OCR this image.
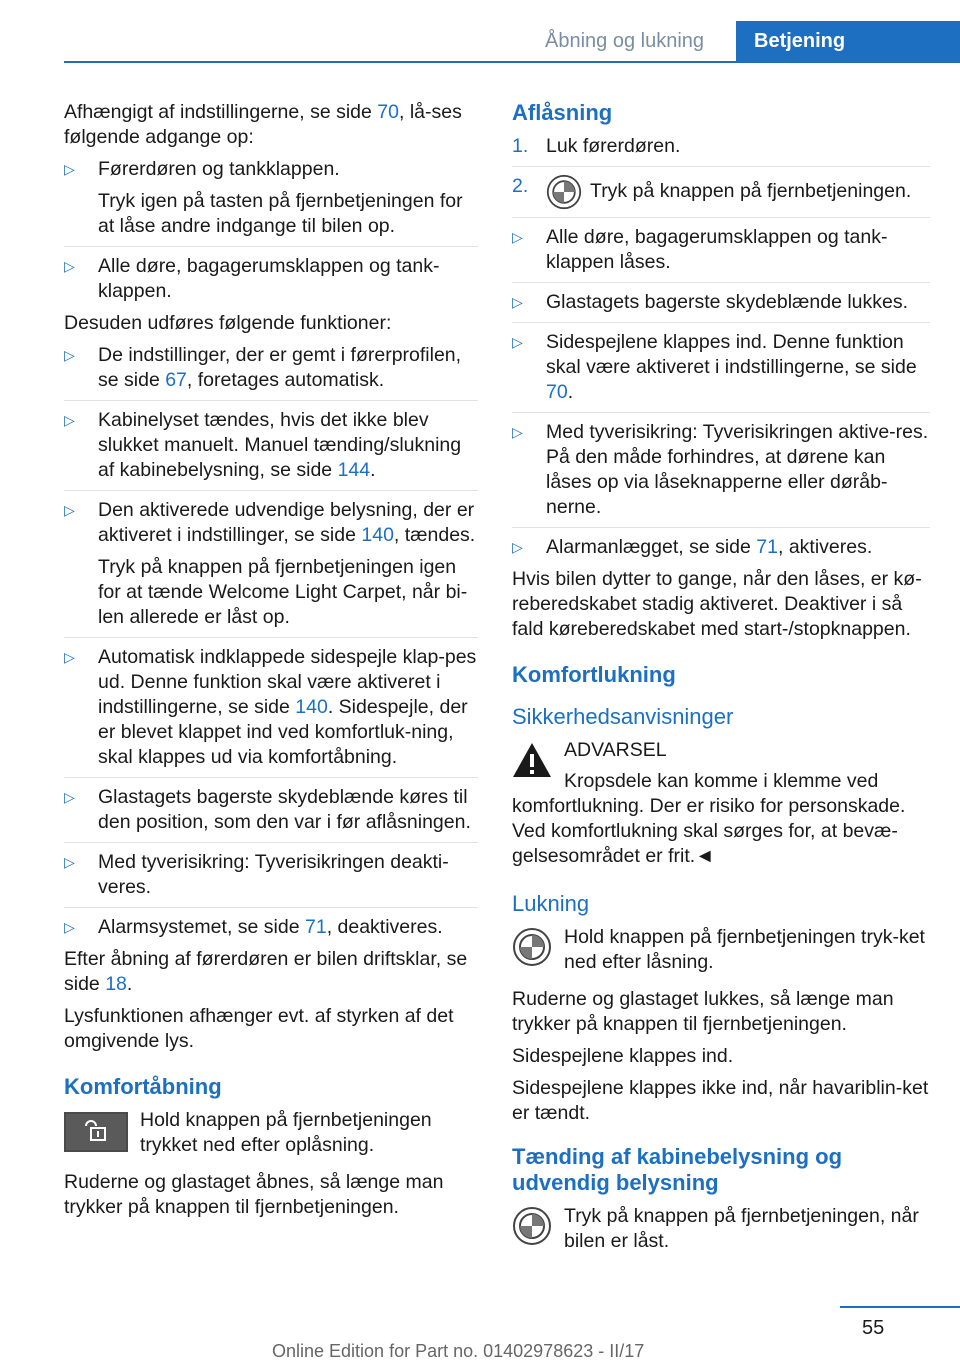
Åbning og lukning Betjening

Afhængigt af indstillingerne, se side 70, lå-ses følgende adgange op:

▷	Førerdøren og tankklappen.
Tryk igen på tasten på fjernbetjeningen for at låse andre indgange til bilen op.
▷	Alle døre, bagagerumsklappen og tank-klappen.

Desuden udføres følgende funktioner:

▷	De indstillinger, der er gemt i førerprofilen, se side 67, foretages automatisk.
▷	Kabinelyset tændes, hvis det ikke blev slukket manuelt. Manuel tænding/slukning af kabinebelysning, se side 144.
▷	Den aktiverede udvendige belysning, der er aktiveret i indstillinger, se side 140, tændes.
Tryk på knappen på fjernbetjeningen igen for at tænde Welcome Light Carpet, når bi-len allerede er låst op.
▷	Automatisk indklappede sidespejle klap-pes ud. Denne funktion skal være aktiveret i indstillingerne, se side 140. Sidespejle, der er blevet klappet ind ved komfortluk-ning, skal klappes ud via komfortåbning.
▷	Glastagets bagerste skydeblænde køres til den position, som den var i før aflåsningen.
▷	Med tyverisikring: Tyverisikringen deakti-veres.
▷	Alarmsystemet, se side 71, deaktiveres.

Efter åbning af førerdøren er bilen driftsklar, se side 18.

Lysfunktionen afhænger evt. af styrken af det omgivende lys.

Komfortåbning
Hold knappen på fjernbetjeningen trykket ned efter oplåsning.

Ruderne og glastaget åbnes, så længe man trykker på knappen til fjernbetjeningen.

Aflåsning
1. Luk førerdøren.
2.	Tryk på knappen på fjernbetjeningen.
▷	Alle døre, bagagerumsklappen og tank-klappen låses.
▷	Glastagets bagerste skydeblænde lukkes.
▷	Sidespejlene klappes ind. Denne funktion skal være aktiveret i indstillingerne, se side 70.
▷	Med tyverisikring: Tyverisikringen aktive-res. På den måde forhindres, at dørene kan låses op via låseknapperne eller døråb-nerne.
▷	Alarmanlægget, se side 71, aktiveres.

Hvis bilen dytter to gange, når den låses, er kø-reberedskabet stadig aktiveret. Deaktiver i så fald køreberedskabet med start-/stopknappen.

Komfortlukning
Sikkerhedsanvisninger
ADVARSEL

Kropsdele kan komme i klemme ved komfortlukning. Der er risiko for personskade. Ved komfortlukning skal sørges for, at bevæ-gelsesområdet er frit.◄

Lukning
Hold knappen på fjernbetjeningen tryk-ket ned efter låsning.

Ruderne og glastaget lukkes, så længe man trykker på knappen til fjernbetjeningen.

Sidespejlene klappes ind.

Sidespejlene klappes ikke ind, når havariblin-ket er tændt.

Tænding af kabinebelysning og udvendig belysning
Tryk på knappen på fjernbetjeningen, når bilen er låst.
55
Online Edition for Part no. 01402978623 - II/17
